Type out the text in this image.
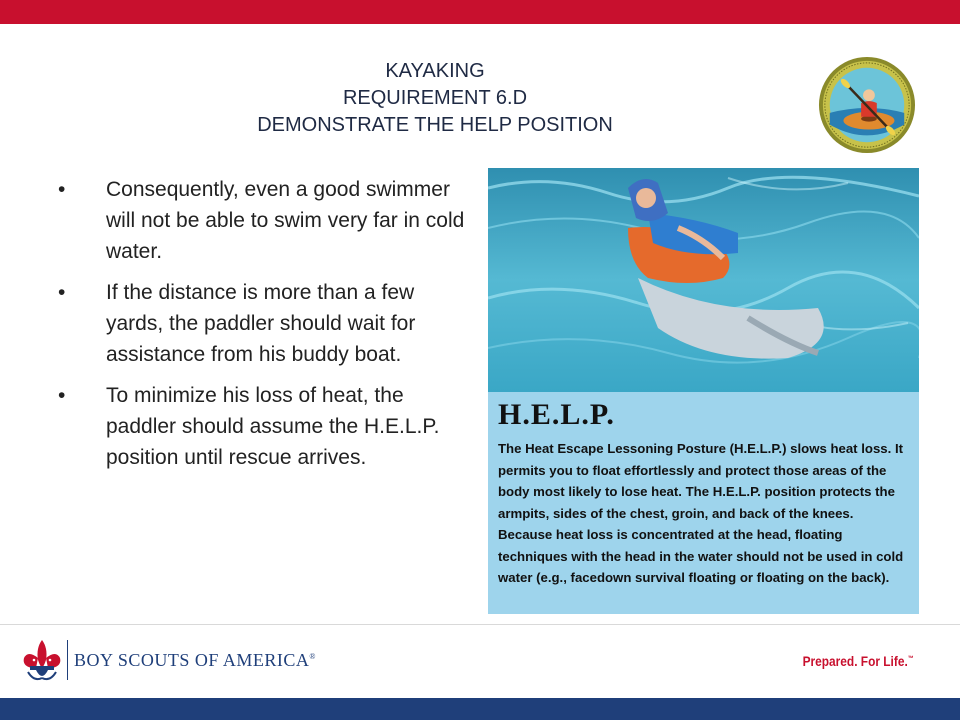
KAYAKING
REQUIREMENT 6.D
DEMONSTRATE THE HELP POSITION
• Consequently, even a good swimmer will not be able to swim very far in cold water.
• If the distance is more than a few yards, the paddler should wait for assistance from his buddy boat.
• To minimize his loss of heat, the paddler should assume the H.E.L.P. position until rescue arrives.
H.E.L.P.
The Heat Escape Lessoning Posture (H.E.L.P.) slows heat loss. It permits you to float effortlessly and protect those areas of the body most likely to lose heat. The H.E.L.P. position protects the armpits, sides of the chest, groin, and back of the knees. Because heat loss is concentrated at the head, floating techniques with the head in the water should not be used in cold water (e.g., facedown survival floating or floating on the back).
BOY SCOUTS OF AMERICA®	Prepared. For Life.™
